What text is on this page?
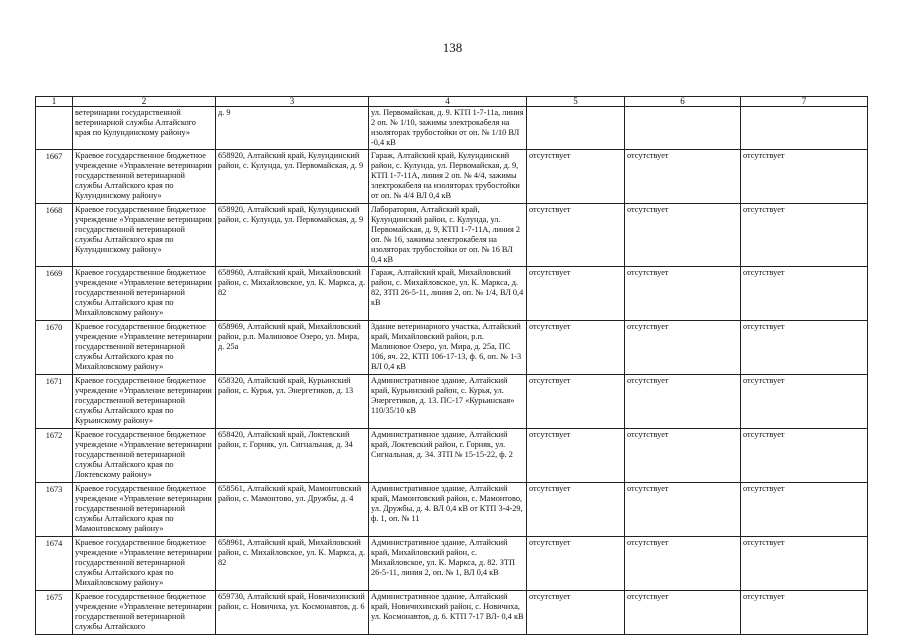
138
1	2	3	4	5	6	7
	ветеринарии государственной ветеринарной службы Алтайского края по Кулундинскому району»	д. 9	ул. Первомайская, д. 9. КТП 1-7-11а, линия 2 оп. № 1/10, зажимы электрокабеля на изоляторах трубостойки от оп. № 1/10 ВЛ -0,4 кВ			
1667	Краевое государственное бюджетное учреждение «Управление ветеринарии государственной ветеринарной службы Алтайского края по Кулундинскому району»	658920, Алтайский край, Кулундинский район, с. Кулунда, ул. Первомайская, д. 9	Гараж, Алтайский край, Кулундинский район, с. Кулунда, ул. Первомайская, д. 9, КТП 1-7-11А, линия 2 оп. № 4/4, зажимы электрокабеля на изоляторах трубостойки от оп. № 4/4 ВЛ 0,4 кВ	отсутствует	отсутствует	отсутствует
1668	Краевое государственное бюджетное учреждение «Управление ветеринарии государственной ветеринарной службы Алтайского края по Кулундинскому району»	658920, Алтайский край, Кулундинский район, с. Кулунда, ул. Первомайская, д. 9	Лаборатория, Алтайский край, Кулундинский район, с. Кулунда, ул. Первомайская, д. 9, КТП 1-7-11А, линия 2 оп. № 16, зажимы электрокабеля на изоляторах трубостойки от оп. № 16 ВЛ 0,4 кВ	отсутствует	отсутствует	отсутствует
1669	Краевое государственное бюджетное учреждение «Управление ветеринарии государственной ветеринарной службы Алтайского края по Михайловскому району»	658960, Алтайский край, Михайловский район, с. Михайловское, ул. К. Маркса, д. 82	Гараж, Алтайский край, Михайловский район, с. Михайловское, ул. К. Маркса, д. 82, ЗТП 26-5-11, линия 2, оп. № 1/4, ВЛ 0,4 кВ	отсутствует	отсутствует	отсутствует
1670	Краевое государственное бюджетное учреждение «Управление ветеринарии государственной ветеринарной службы Алтайского края по Михайловскому району»	658969, Алтайский край, Михайловский район, р.п. Малиновое Озеро, ул. Мира, д. 25а	Здание ветеринарного участка, Алтайский край, Михайловский район, р.п. Малиновое Озеро, ул. Мира, д. 25а, ПС 106, яч. 22, КТП 106-17-13, ф. 6, оп. № 1-3 ВЛ 0,4 кВ	отсутствует	отсутствует	отсутствует
1671	Краевое государственное бюджетное учреждение «Управление ветеринарии государственной ветеринарной службы Алтайского края по Курьинскому району»	658320, Алтайский край, Курьинский район, с. Курья, ул. Энергетиков, д. 13	Административное здание, Алтайский край, Курьинский район, с. Курья, ул. Энергетиков, д. 13. ПС-17 «Курьинская» 110/35/10 кВ	отсутствует	отсутствует	отсутствует
1672	Краевое государственное бюджетное учреждение «Управление ветеринарии государственной ветеринарной службы Алтайского края по Локтевскому району»	658420, Алтайский край, Локтевский район, г. Горняк, ул. Сигнальная, д. 34	Административное здание, Алтайский край, Локтевский район, г. Горняк, ул. Сигнальная, д. 34. ЗТП № 15-15-22, ф. 2	отсутствует	отсутствует	отсутствует
1673	Краевое государственное бюджетное учреждение «Управление ветеринарии государственной ветеринарной службы Алтайского края по Мамонтовскому району»	658561, Алтайский край, Мамонтовский район, с. Мамонтово, ул. Дружбы, д. 4	Административное здание, Алтайский край, Мамонтовский район, с. Мамонтово, ул. Дружбы, д. 4. ВЛ 0,4 кВ от КТП 3-4-29, ф. 1, оп. № 11	отсутствует	отсутствует	отсутствует
1674	Краевое государственное бюджетное учреждение «Управление ветеринарии государственной ветеринарной службы Алтайского края по Михайловскому району»	658961, Алтайский край, Михайловский район, с. Михайловское, ул. К. Маркса, д. 82	Административное здание, Алтайский край, Михайловский район, с. Михайловское, ул. К. Маркса, д. 82. ЗТП 26-5-11, линия 2, оп. № 1, ВЛ 0,4 кВ	отсутствует	отсутствует	отсутствует
1675	Краевое государственное бюджетное учреждение «Управление ветеринарии государственной ветеринарной службы Алтайского	659730, Алтайский край, Новичихинский район, с. Новичиха, ул. Космонавтов, д. 6	Административное здание, Алтайский край, Новичихинский район, с. Новичиха, ул. Космонавтов, д. 6. КТП 7-17 ВЛ- 0,4 кВ	отсутствует	отсутствует	отсутствует
